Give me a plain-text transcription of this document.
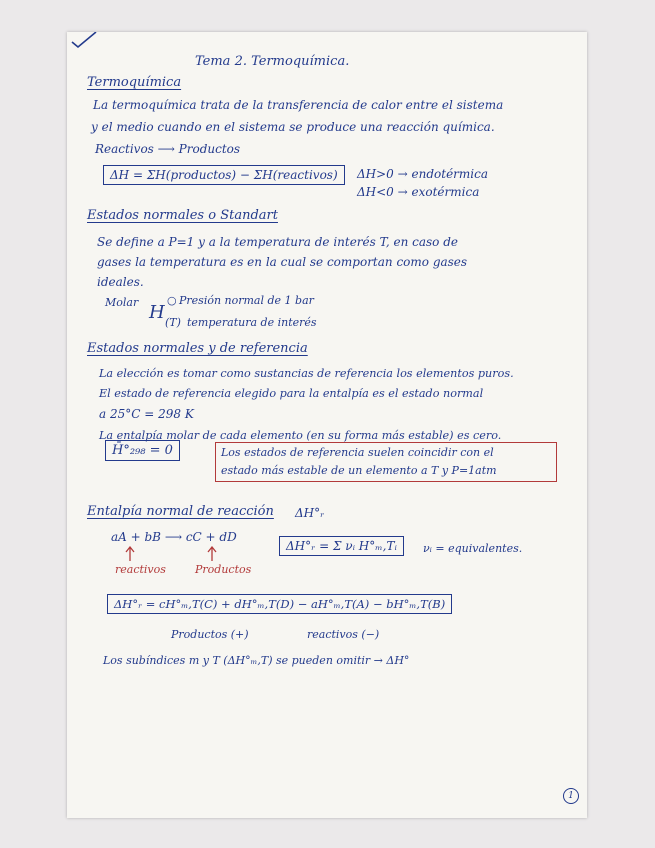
Tema 2. Termoquímica.
Termoquímica
La termoquímica trata de la transferencia de calor entre el sistema
y el medio cuando en el sistema se produce una reacción química.
Reactivos ⟶ Productos
ΔH = ΣH(productos) − ΣH(reactivos)	ΔH>0 → endotérmica
ΔH<0 → exotérmica
Estados normales o Standart
Se define a P=1 y a la temperatura de interés T, en caso de
gases la temperatura es en la cual se comportan como gases
ideales.
Molar H
○ Presión normal de 1 bar
(T) temperatura de interés
Estados normales y de referencia
La elección es tomar como sustancias de referencia los elementos puros.
El estado de referencia elegido para la entalpía es el estado normal
a 25°C = 298 K
La entalpía molar de cada elemento (en su forma más estable) es cero.
H̄°₂₉₈ = 0	Los estados de referencia suelen coincidir con el
estado más estable de un elemento a T y P=1atm
Entalpía normal de reacción ΔH°ᵣ
aA + bB ⟶ cC + dD
reactivos	Productos
ΔH°ᵣ = Σ νᵢ H°ₘ,Tᵢ	νᵢ = equivalentes.
ΔH°ᵣ = cH°ₘ,T(C) + dH°ₘ,T(D) − aH°ₘ,T(A) − bH°ₘ,T(B)
Productos (+)	reactivos (−)
Los subíndices m y T (ΔH°ₘ,T) se pueden omitir → ΔH°
1
